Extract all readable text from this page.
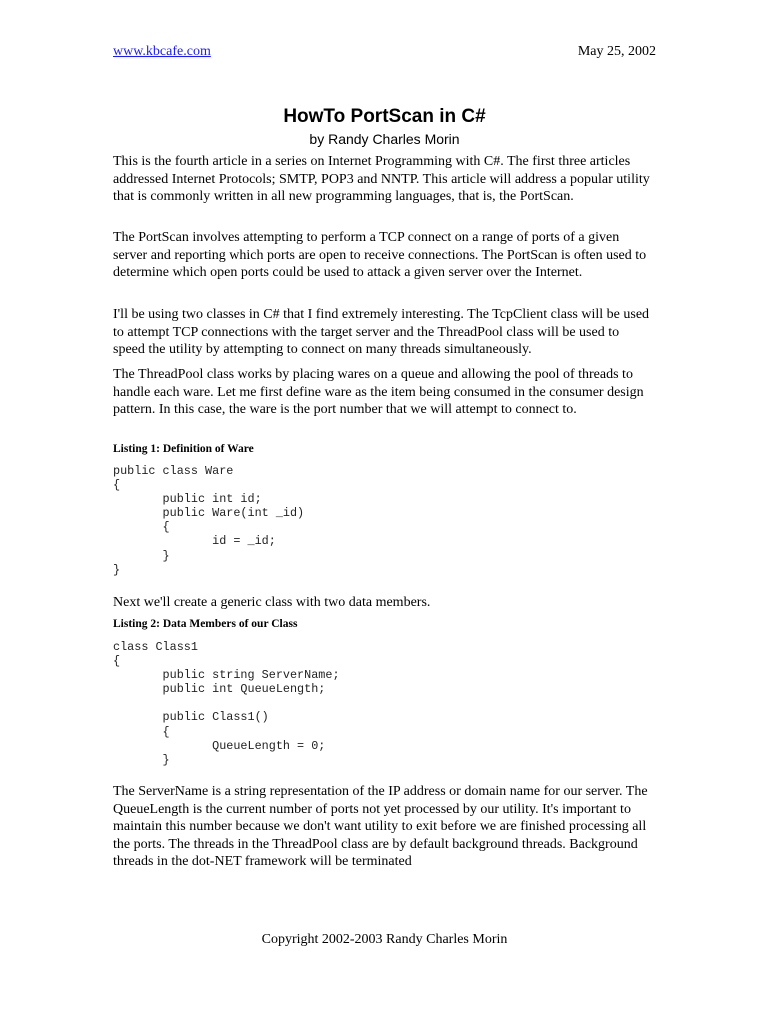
www.kbcafe.com	May 25, 2002
HowTo PortScan in C#
by Randy Charles Morin

This is the fourth article in a series on Internet Programming with C#. The first three articles addressed Internet Protocols; SMTP, POP3 and NNTP. This article will address a popular utility that is commonly written in all new programming languages, that is, the PortScan.

The PortScan involves attempting to perform a TCP connect on a range of ports of a given server and reporting which ports are open to receive connections. The PortScan is often used to determine which open ports could be used to attack a given server over the Internet.

I'll be using two classes in C# that I find extremely interesting. The TcpClient class will be used to attempt TCP connections with the target server and the ThreadPool class will be used to speed the utility by attempting to connect on many threads simultaneously.

The ThreadPool class works by placing wares on a queue and allowing the pool of threads to handle each ware. Let me first define ware as the item being consumed in the consumer design pattern. In this case, the ware is the port number that we will attempt to connect to.

Listing 1: Definition of Ware
public class Ware
{
public int id;
public Ware(int _id)
{
id = _id;
}
}

Next we'll create a generic class with two data members.

Listing 2: Data Members of our Class
class Class1
{
public string ServerName;
public int QueueLength;

public Class1()
{
QueueLength = 0;
}

The ServerName is a string representation of the IP address or domain name for our server. The QueueLength is the current number of ports not yet processed by our utility. It's important to maintain this number because we don't want utility to exit before we are finished processing all the ports. The threads in the ThreadPool class are by default background threads. Background threads in the dot-NET framework will be terminated

Copyright 2002-2003 Randy Charles Morin
